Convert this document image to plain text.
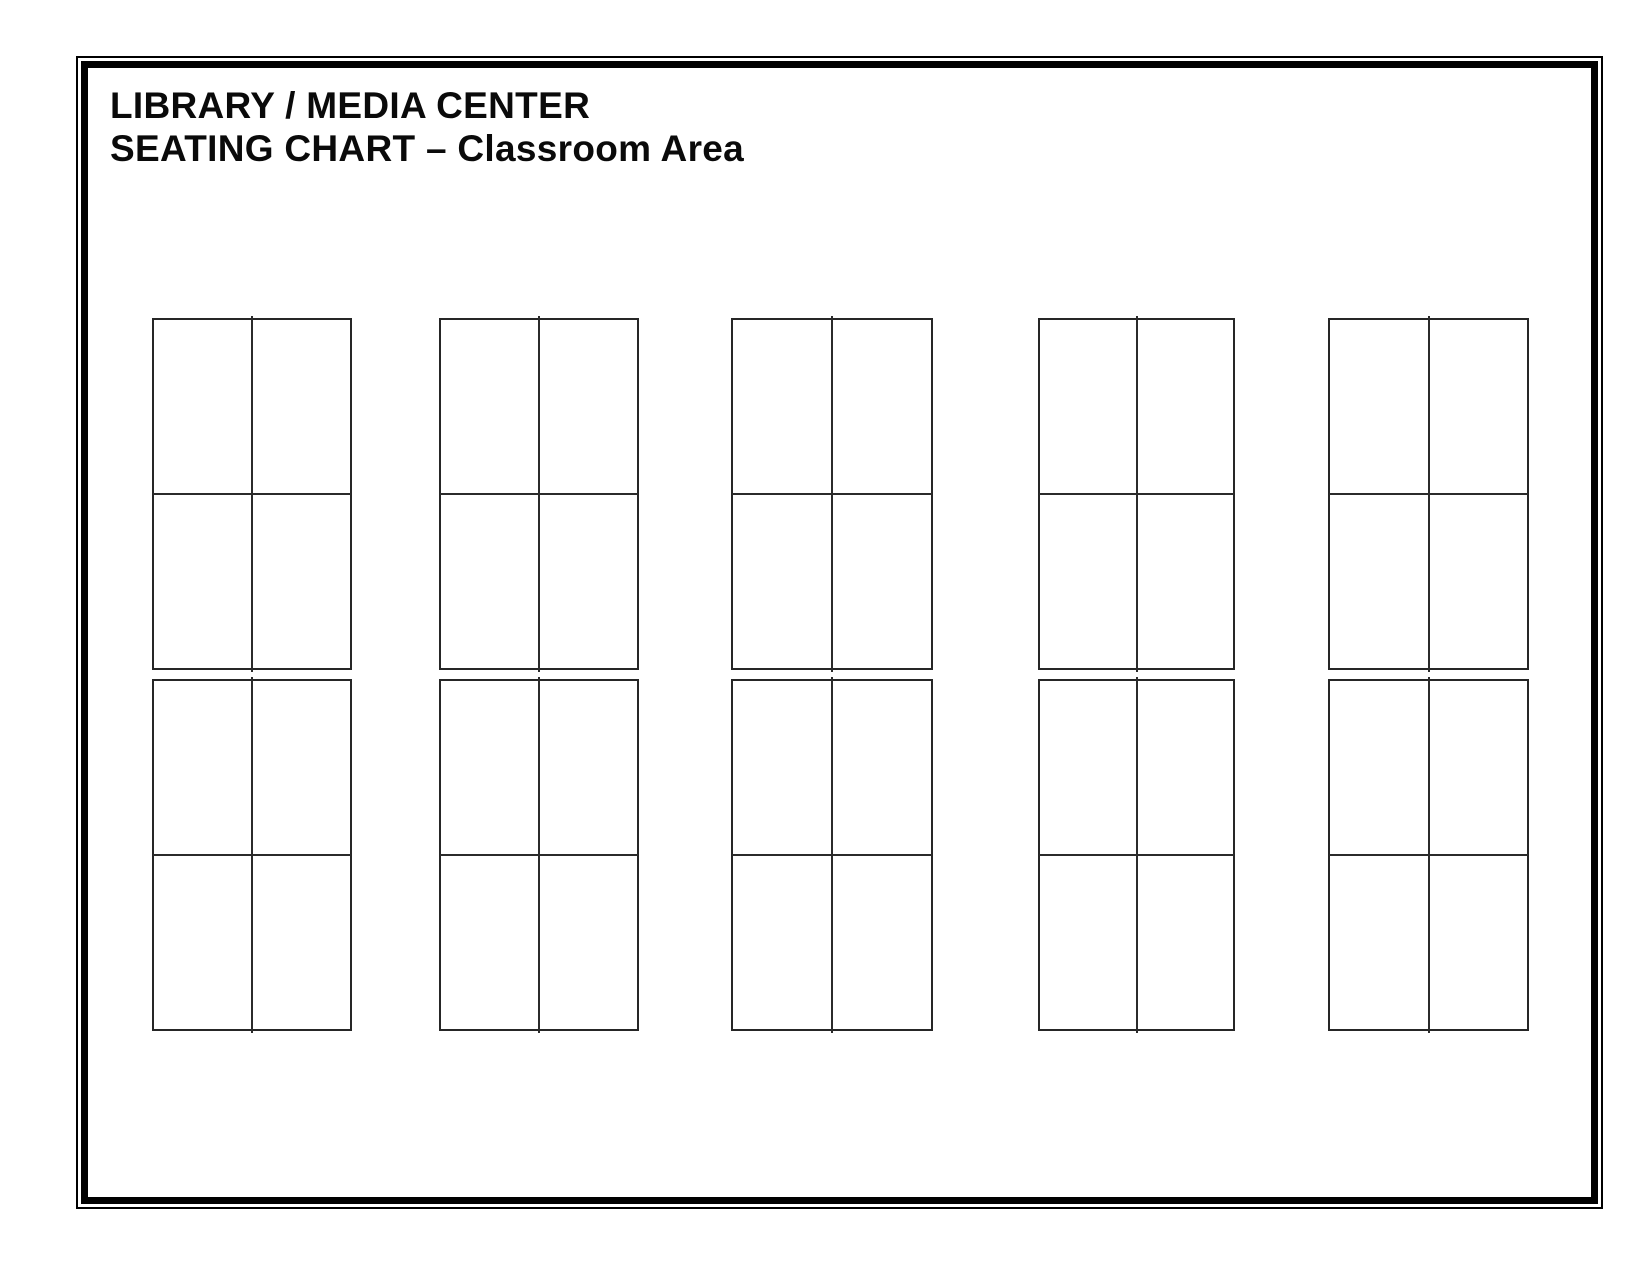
LIBRARY / MEDIA CENTER
SEATING CHART – Classroom Area
